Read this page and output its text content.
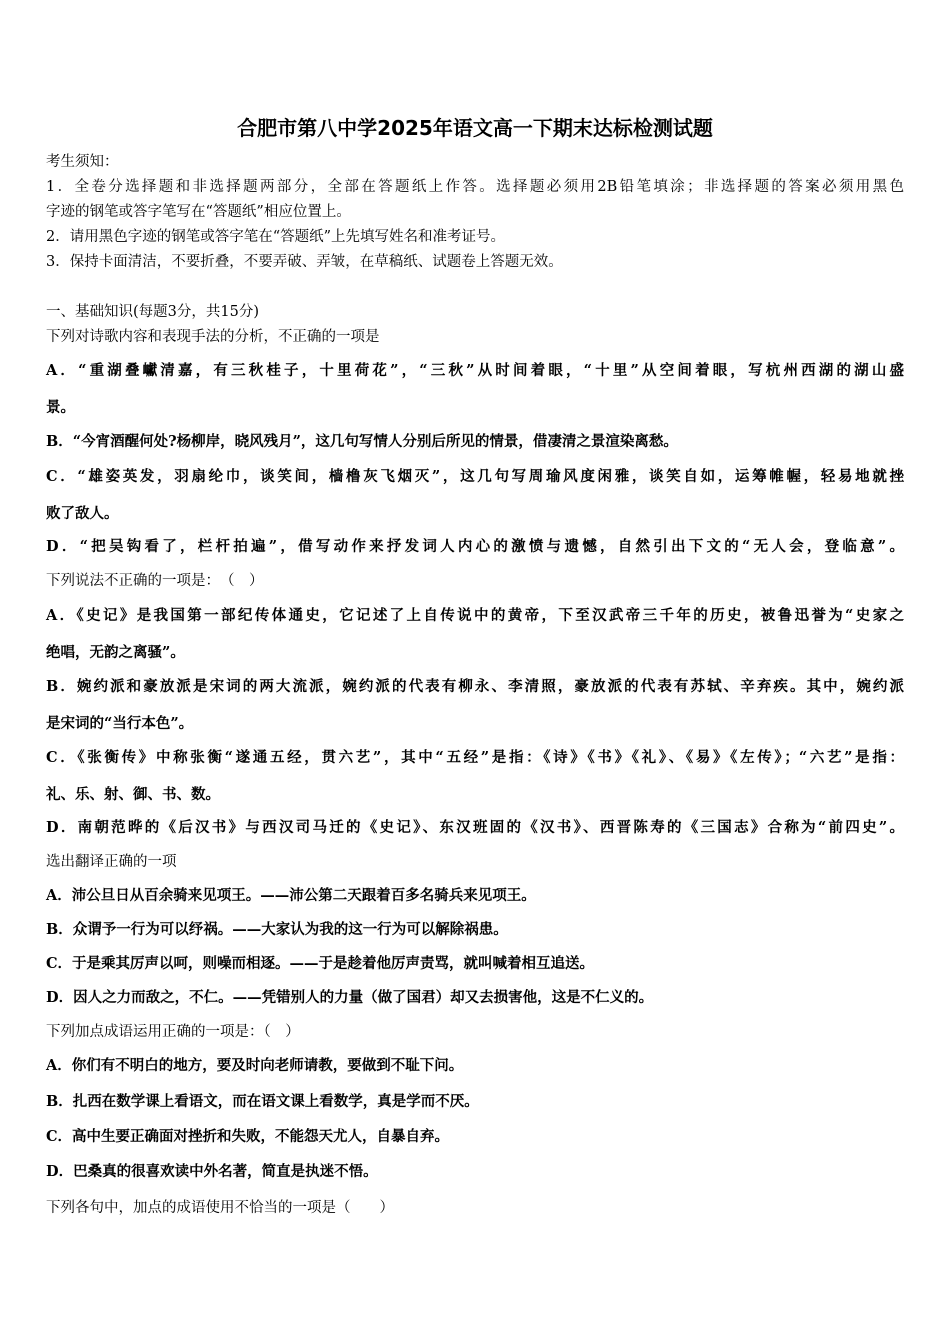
合肥市第八中学2025年语文高一下期末达标检测试题
考生须知：
1．全卷分选择题和非选择题两部分，全部在答题纸上作答。选择题必须用2B铅笔填涂；非选择题的答案必须用黑色
字迹的钢笔或答字笔写在“答题纸”相应位置上。
2．请用黑色字迹的钢笔或答字笔在“答题纸”上先填写姓名和准考证号。
3．保持卡面清洁，不要折叠，不要弄破、弄皱，在草稿纸、试题卷上答题无效。
一、基础知识(每题3分，共15分)
下列对诗歌内容和表现手法的分析，不正确的一项是
A．“重湖叠巘清嘉，有三秋桂子，十里荷花”，“三秋”从时间着眼，“十里”从空间着眼，写杭州西湖的湖山盛
景。
B．“今宵酒醒何处?杨柳岸，晓风残月”，这几句写情人分别后所见的情景，借凄清之景渲染离愁。
C．“雄姿英发，羽扇纶巾，谈笑间，樯橹灰飞烟灭”，这几句写周瑜风度闲雅，谈笑自如，运筹帷幄，轻易地就挫
败了敌人。
D．“把吴钩看了，栏杆拍遍”，借写动作来抒发词人内心的激愤与遗憾，自然引出下文的“无人会，登临意”。
下列说法不正确的一项是：　（　）
A．《史记》是我国第一部纪传体通史，它记述了上自传说中的黄帝，下至汉武帝三千年的历史，被鲁迅誉为“史家之
绝唱，无韵之离骚”。
B．婉约派和豪放派是宋词的两大流派，婉约派的代表有柳永、李清照，豪放派的代表有苏轼、辛弃疾。其中，婉约派
是宋词的“当行本色”。
C．《张衡传》中称张衡“遂通五经，贯六艺”，其中“五经”是指：《诗》《书》《礼》、《易》《左传》；“六艺”是指：
礼、乐、射、御、书、数。
D．南朝范晔的《后汉书》与西汉司马迁的《史记》、东汉班固的《汉书》、西晋陈寿的《三国志》合称为“前四史”。
选出翻译正确的一项
A．沛公旦日从百余骑来见项王。——沛公第二天跟着百多名骑兵来见项王。
B．众谓予一行为可以纾祸。——大家认为我的这一行为可以解除祸患。
C．于是乘其厉声以呵，则噪而相逐。——于是趁着他厉声责骂，就叫喊着相互追送。
D．因人之力而敌之，不仁。——凭错别人的力量（做了国君）却又去损害他，这是不仁义的。
下列加点成语运用正确的一项是：（　）
A．你们有不明白的地方，要及时向老师请教，要做到不耻下问。
B．扎西在数学课上看语文，而在语文课上看数学，真是学而不厌。
C．高中生要正确面对挫折和失败，不能怨天尤人，自暴自弃。
D．巴桑真的很喜欢读中外名著，简直是执迷不悟。
下列各句中，加点的成语使用不恰当的一项是（　　）
